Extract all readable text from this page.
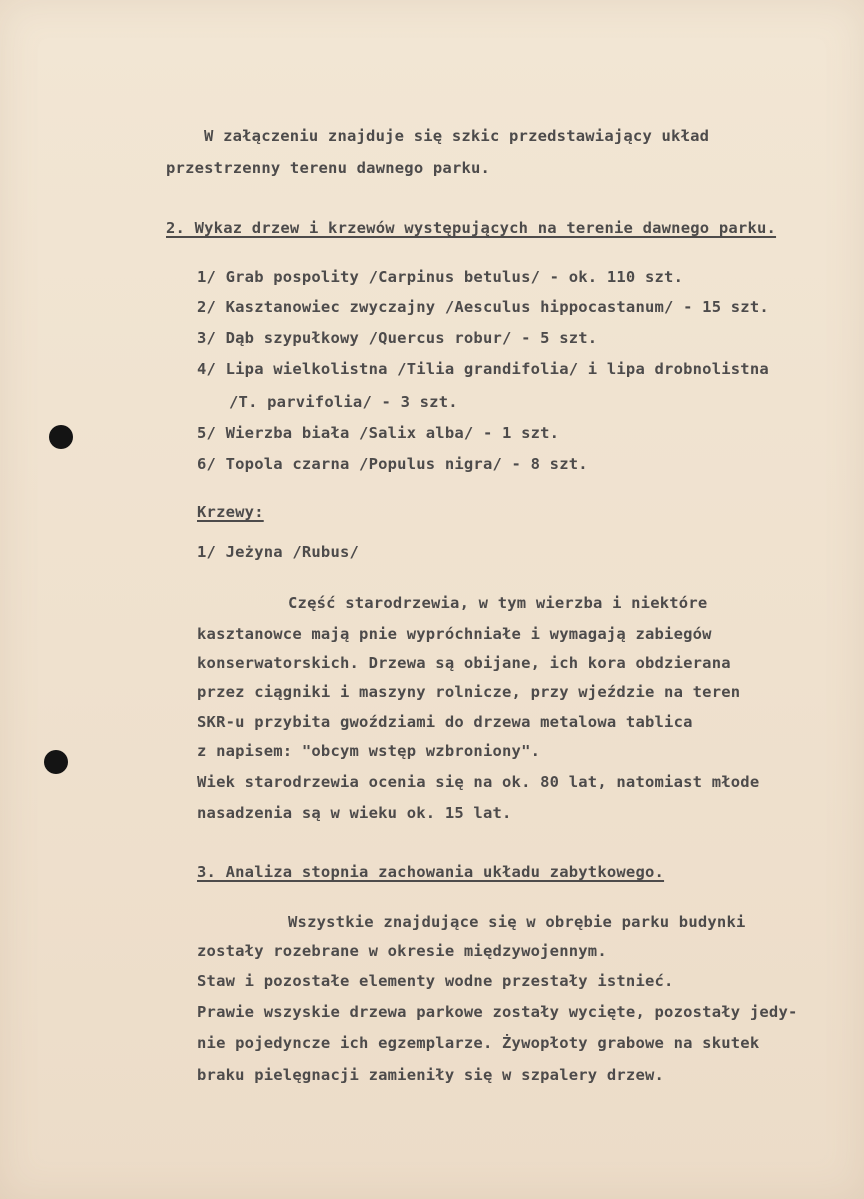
W załączeniu znajduje się szkic przedstawiający układ
przestrzenny terenu dawnego parku.
2. Wykaz drzew i krzewów występujących na terenie dawnego parku.
1/ Grab pospolity /Carpinus betulus/ - ok. 110 szt.
2/ Kasztanowiec zwyczajny /Aesculus hippocastanum/ - 15 szt.
3/ Dąb szypułkowy /Quercus robur/ - 5 szt.
4/ Lipa wielkolistna /Tilia grandifolia/ i lipa drobnolistna
/T. parvifolia/ - 3 szt.
5/ Wierzba biała /Salix alba/ - 1 szt.
6/ Topola czarna /Populus nigra/ - 8 szt.
Krzewy:
1/ Jeżyna /Rubus/
Część starodrzewia, w tym wierzba i niektóre
kasztanowce mają pnie wypróchniałe i wymagają zabiegów
konserwatorskich. Drzewa są obijane, ich kora obdzierana
przez ciągniki i maszyny rolnicze, przy wjeździe na teren
SKR-u przybita gwoździami do drzewa metalowa tablica
z napisem: "obcym wstęp wzbroniony".
Wiek starodrzewia ocenia się na ok. 80 lat, natomiast młode
nasadzenia są w wieku ok. 15 lat.
3. Analiza stopnia zachowania układu zabytkowego.
Wszystkie znajdujące się w obrębie parku budynki
zostały rozebrane w okresie międzywojennym.
Staw i pozostałe elementy wodne przestały istnieć.
Prawie wszyskie drzewa parkowe zostały wycięte, pozostały jedy-
nie pojedyncze ich egzemplarze. Żywopłoty grabowe na skutek
braku pielęgnacji zamieniły się w szpalery drzew.
